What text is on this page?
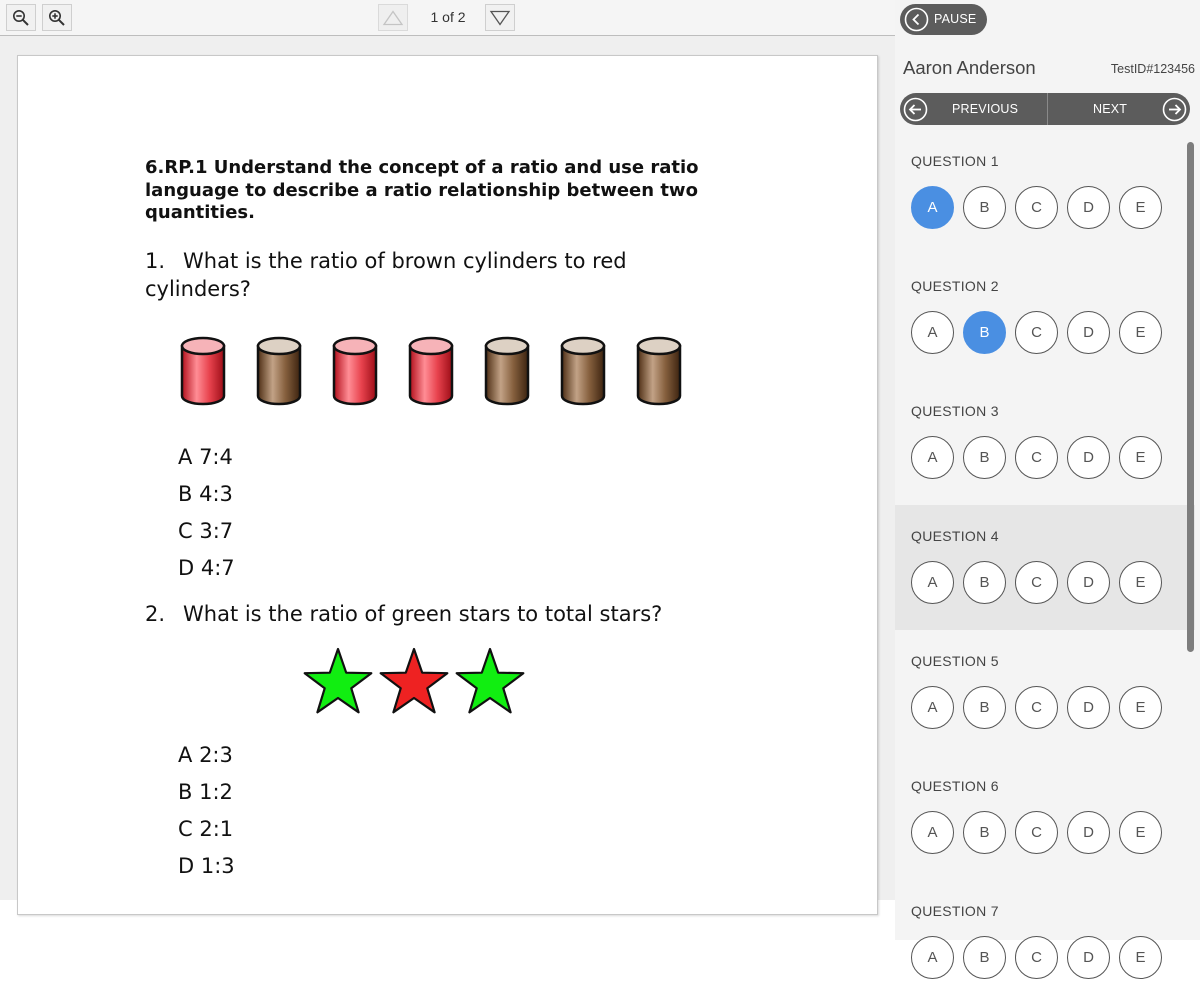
1 of 2
6.RP.1 Understand the concept of a ratio and use ratio language to describe a ratio relationship between two quantities.
1. What is the ratio of brown cylinders to red cylinders?
A 7:4
B 4:3
C 3:7
D 4:7
2. What is the ratio of green stars to total stars?
A 2:3
B 1:2
C 2:1
D 1:3
PAUSE
Aaron Anderson	TestID#123456
PREVIOUS	NEXT
QUESTION 1
A	B	C	D	E
QUESTION 2
A	B	C	D	E
QUESTION 3
A	B	C	D	E
QUESTION 4
A	B	C	D	E
QUESTION 5
A	B	C	D	E
QUESTION 6
A	B	C	D	E
QUESTION 7
A	B	C	D	E
